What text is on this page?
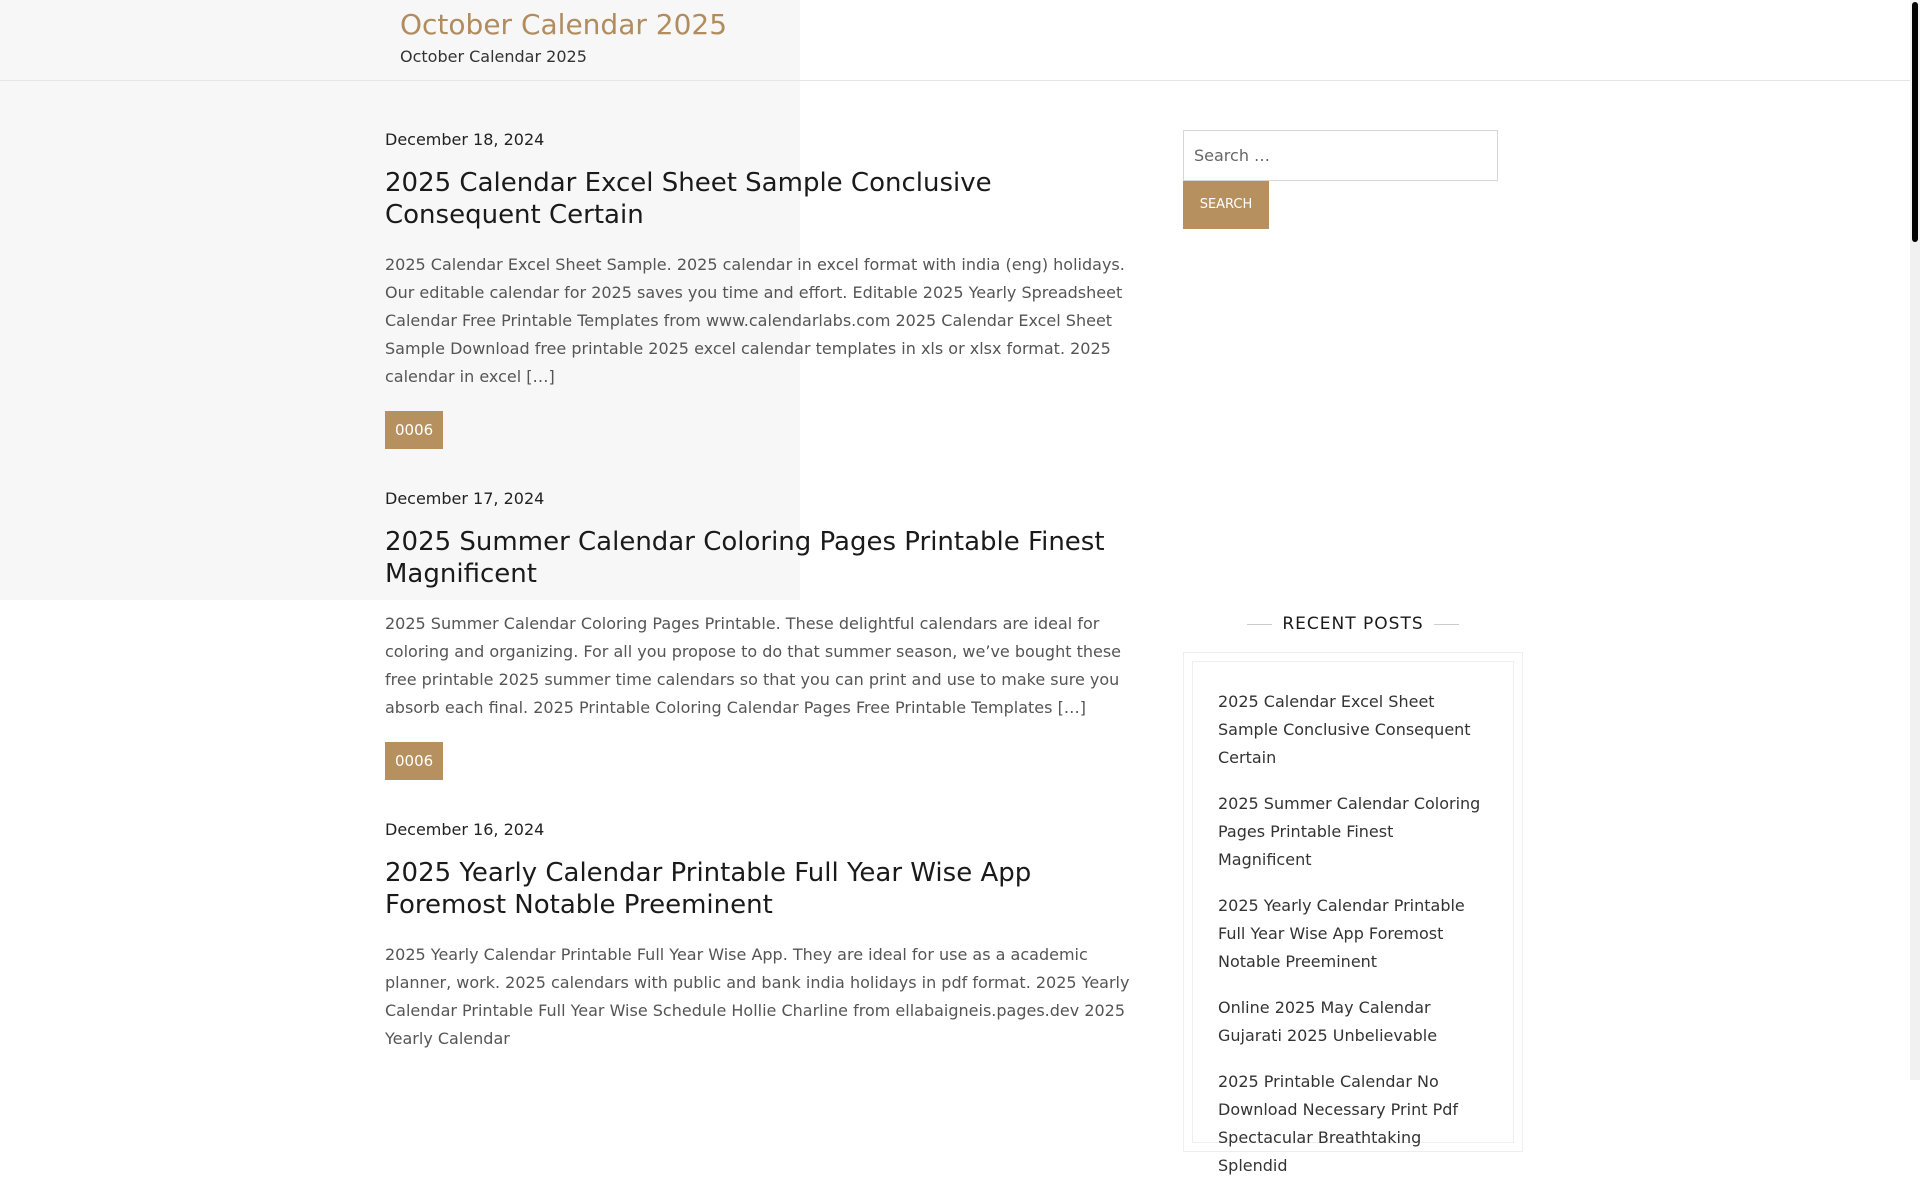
October Calendar 2025
October Calendar 2025
December 18, 2024
2025 Calendar Excel Sheet Sample Conclusive Consequent Certain

2025 Calendar Excel Sheet Sample. 2025 calendar in excel format with india (eng) holidays. Our editable calendar for 2025 saves you time and effort. Editable 2025 Yearly Spreadsheet Calendar Free Printable Templates from www.calendarlabs.com 2025 Calendar Excel Sheet Sample Download free printable 2025 excel calendar templates in xls or xlsx format. 2025 calendar in excel […]

0006
December 17, 2024
2025 Summer Calendar Coloring Pages Printable Finest Magnificent

2025 Summer Calendar Coloring Pages Printable. These delightful calendars are ideal for coloring and organizing. For all you propose to do that summer season, we’ve bought these free printable 2025 summer time calendars so that you can print and use to make sure you absorb each final. 2025 Printable Coloring Calendar Pages Free Printable Templates […]

0006
December 16, 2024
2025 Yearly Calendar Printable Full Year Wise App Foremost Notable Preeminent

2025 Yearly Calendar Printable Full Year Wise App. They are ideal for use as a academic planner, work. 2025 calendars with public and bank india holidays in pdf format. 2025 Yearly Calendar Printable Full Year Wise Schedule Hollie Charline from ellabaigneis.pages.dev 2025 Yearly Calendar

Search …
SEARCH
RECENT POSTS
2025 Calendar Excel Sheet Sample Conclusive Consequent Certain
2025 Summer Calendar Coloring Pages Printable Finest Magnificent
2025 Yearly Calendar Printable Full Year Wise App Foremost Notable Preeminent
Online 2025 May Calendar Gujarati 2025 Unbelievable
2025 Printable Calendar No Download Necessary Print Pdf Spectacular Breathtaking Splendid
